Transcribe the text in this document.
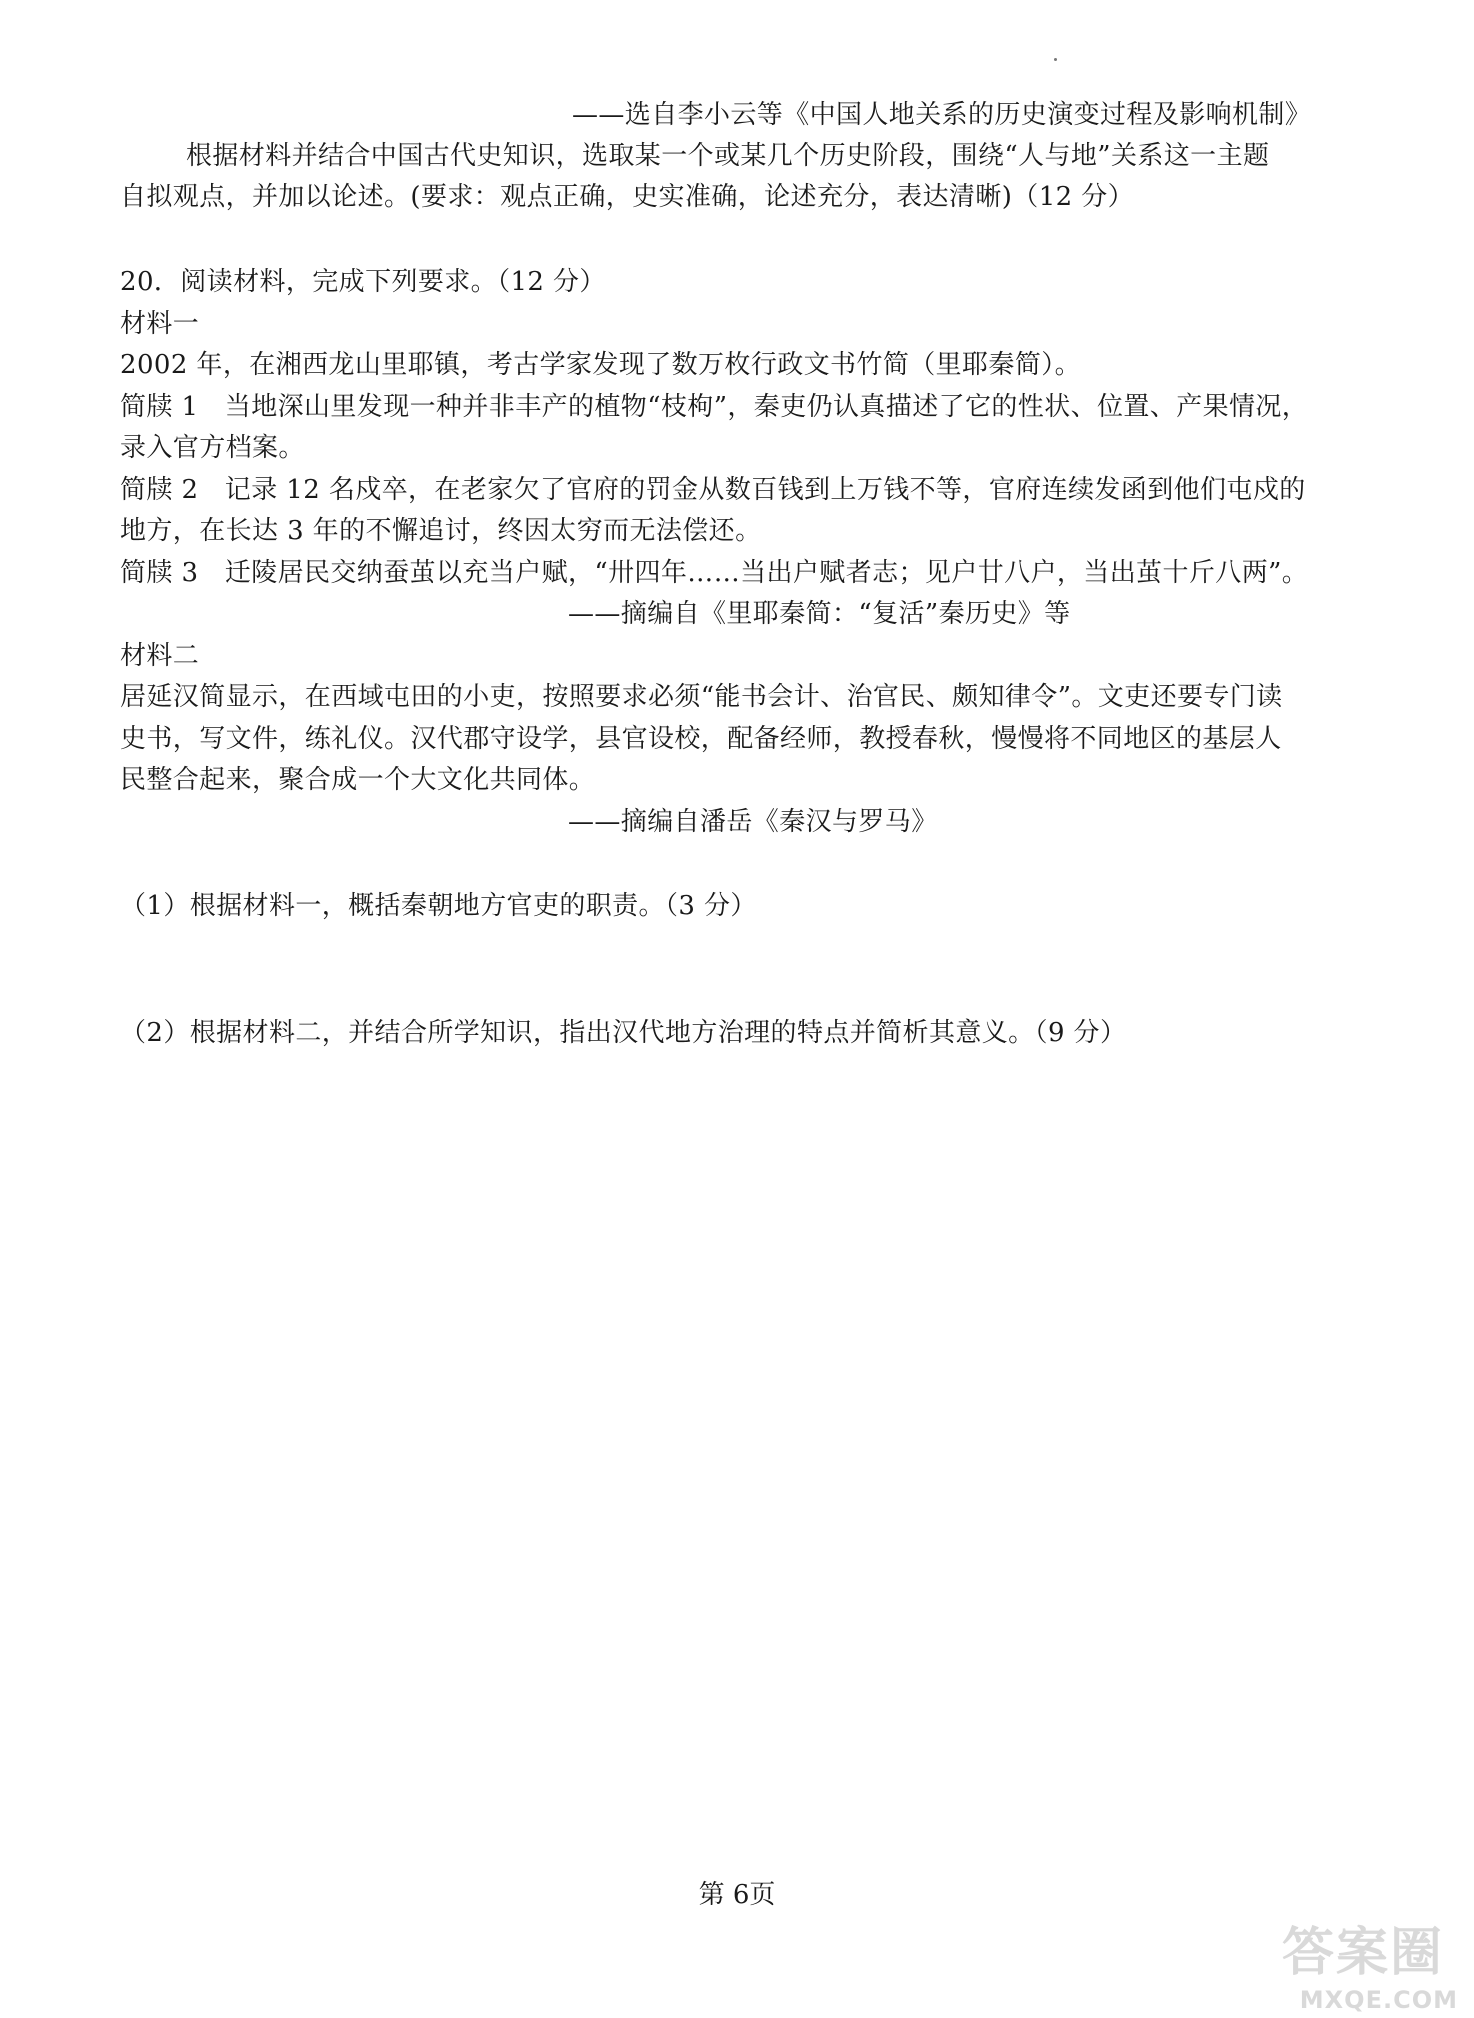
——选自李小云等《中国人地关系的历史演变过程及影响机制》
根据材料并结合中国古代史知识，选取某一个或某几个历史阶段，围绕“人与地”关系这一主题
自拟观点，并加以论述。(要求：观点正确，史实准确，论述充分，表达清晰)（12 分）
20．阅读材料，完成下列要求。（12 分）
材料一
2002 年，在湘西龙山里耶镇，考古学家发现了数万枚行政文书竹简（里耶秦简）。
简牍 1　当地深山里发现一种并非丰产的植物“枝枸”，秦吏仍认真描述了它的性状、位置、产果情况，
录入官方档案。
简牍 2　记录 12 名戍卒，在老家欠了官府的罚金从数百钱到上万钱不等，官府连续发函到他们屯戍的
地方，在长达 3 年的不懈追讨，终因太穷而无法偿还。
简牍 3　迁陵居民交纳蚕茧以充当户赋，“卅四年……当出户赋者志；见户廿八户，当出茧十斤八两”。
——摘编自《里耶秦简：“复活”秦历史》等
材料二
居延汉简显示，在西域屯田的小吏，按照要求必须“能书会计、治官民、颇知律令”。文吏还要专门读
史书，写文件，练礼仪。汉代郡守设学，县官设校，配备经师，教授春秋，慢慢将不同地区的基层人
民整合起来，聚合成一个大文化共同体。
——摘编自潘岳《秦汉与罗马》
（1）根据材料一，概括秦朝地方官吏的职责。（3 分）
（2）根据材料二，并结合所学知识，指出汉代地方治理的特点并简析其意义。（9 分）
第 6页
答案圈
MXQE.COM
